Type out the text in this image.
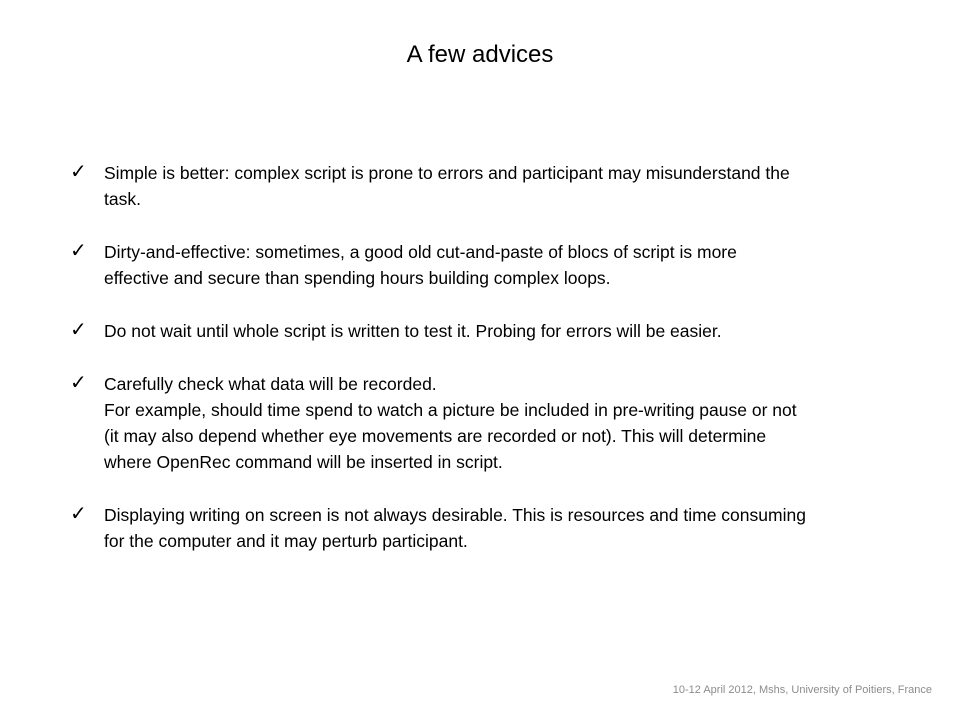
A few advices
✓ Simple is better: complex script is prone to errors and participant may misunderstand the
task.
✓ Dirty-and-effective: sometimes, a good old cut-and-paste of blocs of script is more
effective and secure than spending hours building complex loops.
✓ Do not wait until whole script is written to test it. Probing for errors will be easier.
✓ Carefully check what data will be recorded.
For example, should time spend to watch a picture be included in pre-writing pause or not
(it may also depend whether eye movements are recorded or not). This will determine
where OpenRec command will be inserted in script.
✓ Displaying writing on screen is not always desirable. This is resources and time consuming
for the computer and it may perturb participant.
10-12 April 2012, Mshs, University of Poitiers, France
